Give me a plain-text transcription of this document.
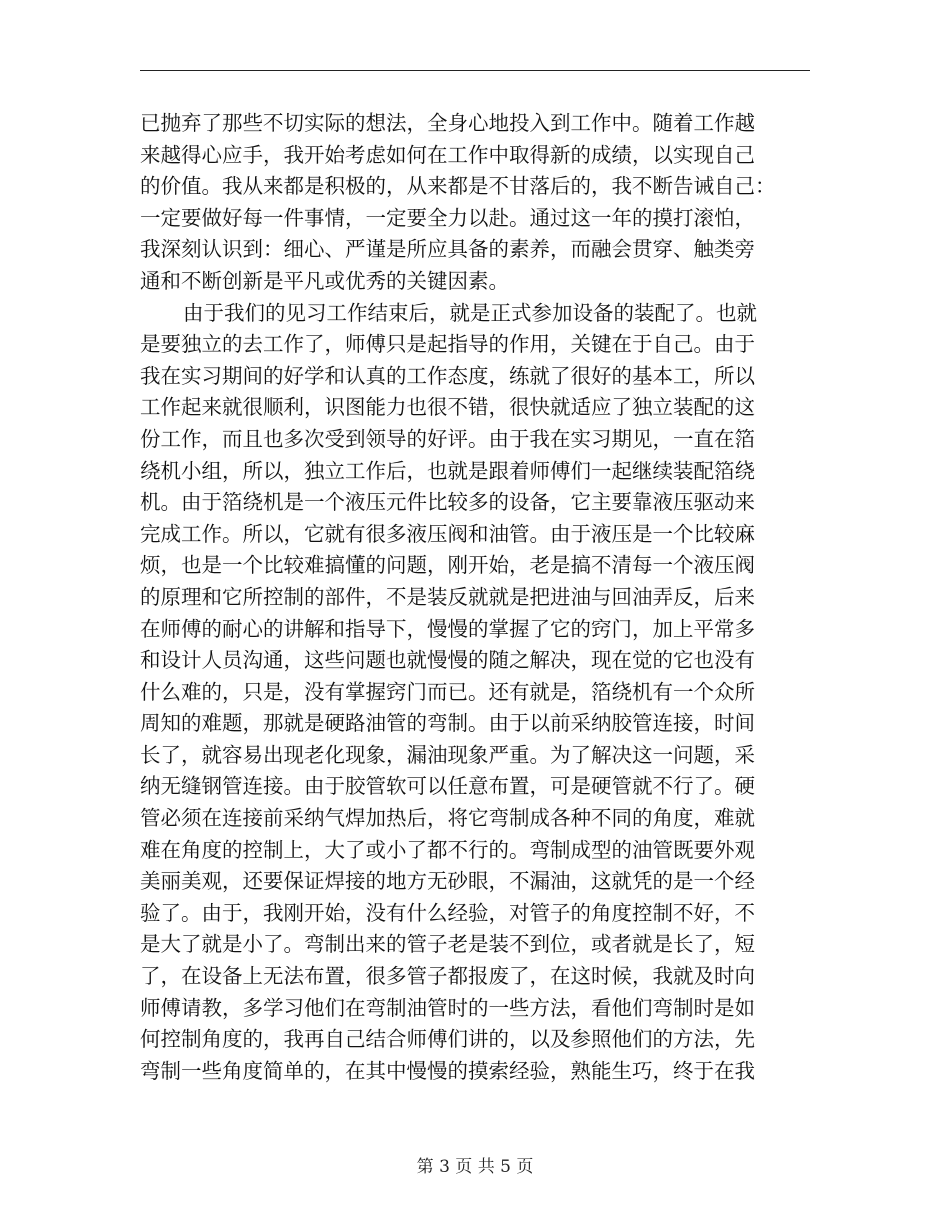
已抛弃了那些不切实际的想法，全身心地投入到工作中。随着工作越
来越得心应手，我开始考虑如何在工作中取得新的成绩，以实现自己
的价值。我从来都是积极的，从来都是不甘落后的，我不断告诫自己：
一定要做好每一件事情，一定要全力以赴。通过这一年的摸打滚怕，
我深刻认识到：细心、严谨是所应具备的素养，而融会贯穿、触类旁
通和不断创新是平凡或优秀的关键因素。
由于我们的见习工作结束后，就是正式参加设备的装配了。也就
是要独立的去工作了，师傅只是起指导的作用，关键在于自己。由于
我在实习期间的好学和认真的工作态度，练就了很好的基本工，所以
工作起来就很顺利，识图能力也很不错，很快就适应了独立装配的这
份工作，而且也多次受到领导的好评。由于我在实习期见，一直在箔
绕机小组，所以，独立工作后，也就是跟着师傅们一起继续装配箔绕
机。由于箔绕机是一个液压元件比较多的设备，它主要靠液压驱动来
完成工作。所以，它就有很多液压阀和油管。由于液压是一个比较麻
烦，也是一个比较难搞懂的问题，刚开始，老是搞不清每一个液压阀
的原理和它所控制的部件，不是装反就就是把进油与回油弄反，后来
在师傅的耐心的讲解和指导下，慢慢的掌握了它的窍门，加上平常多
和设计人员沟通，这些问题也就慢慢的随之解决，现在觉的它也没有
什么难的，只是，没有掌握窍门而已。还有就是，箔绕机有一个众所
周知的难题，那就是硬路油管的弯制。由于以前采纳胶管连接，时间
长了，就容易出现老化现象，漏油现象严重。为了解决这一问题，采
纳无缝钢管连接。由于胶管软可以任意布置，可是硬管就不行了。硬
管必须在连接前采纳气焊加热后，将它弯制成各种不同的角度，难就
难在角度的控制上，大了或小了都不行的。弯制成型的油管既要外观
美丽美观，还要保证焊接的地方无砂眼，不漏油，这就凭的是一个经
验了。由于，我刚开始，没有什么经验，对管子的角度控制不好，不
是大了就是小了。弯制出来的管子老是装不到位，或者就是长了，短
了，在设备上无法布置，很多管子都报废了，在这时候，我就及时向
师傅请教，多学习他们在弯制油管时的一些方法，看他们弯制时是如
何控制角度的，我再自己结合师傅们讲的，以及参照他们的方法，先
弯制一些角度简单的，在其中慢慢的摸索经验，熟能生巧，终于在我
第 3 页 共 5 页
